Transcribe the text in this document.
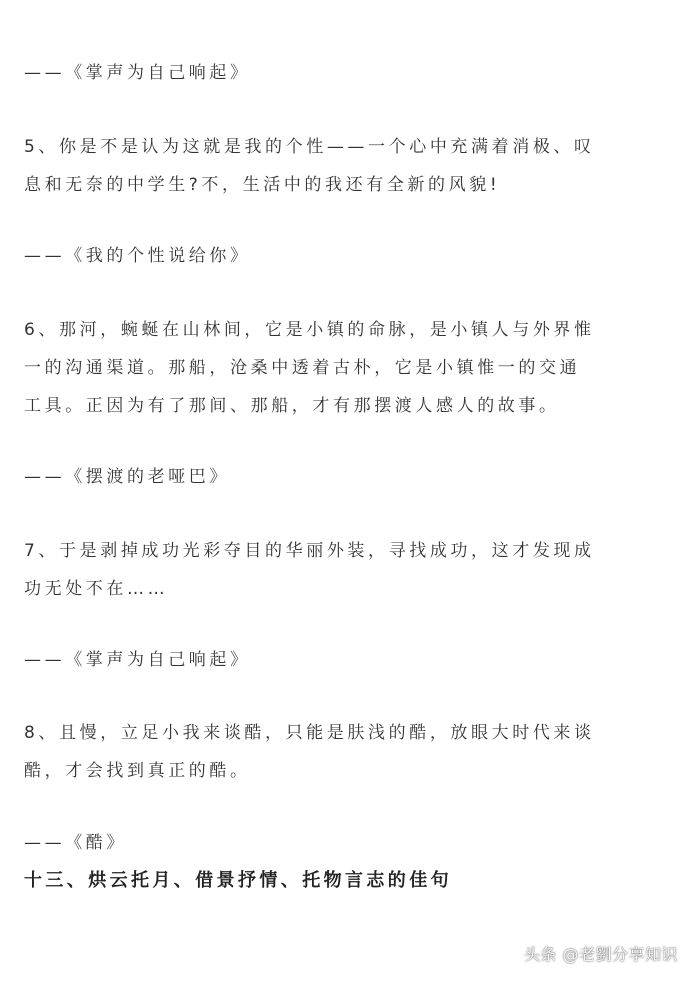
——《掌声为自己响起》
5、你是不是认为这就是我的个性——一个心中充满着消极、叹
息和无奈的中学生?不，生活中的我还有全新的风貌!
——《我的个性说给你》
6、那河，蜿蜒在山林间，它是小镇的命脉，是小镇人与外界惟
一的沟通渠道。那船，沧桑中透着古朴，它是小镇惟一的交通
工具。正因为有了那间、那船，才有那摆渡人感人的故事。
——《摆渡的老哑巴》
7、于是剥掉成功光彩夺目的华丽外装，寻找成功，这才发现成
功无处不在……
——《掌声为自己响起》
8、且慢，立足小我来谈酷，只能是肤浅的酷，放眼大时代来谈
酷，才会找到真正的酷。
——《酷》
十三、烘云托月、借景抒情、托物言志的佳句
头条 @老劉分享知识
